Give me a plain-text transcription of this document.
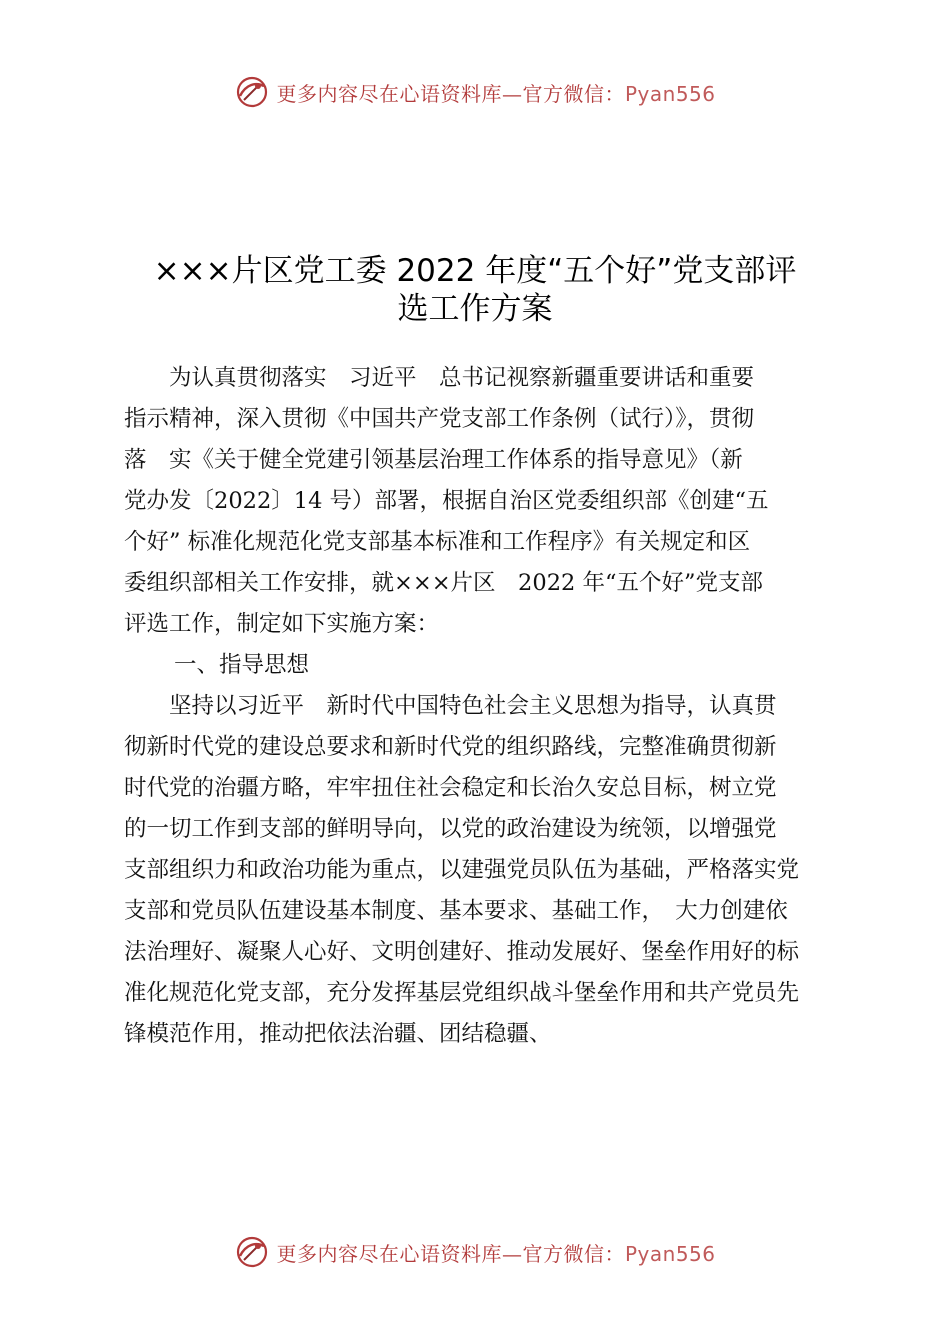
更多内容尽在心语资料库—官方微信：Pyan556
×××片区党工委 2022 年度“五个好”党支部评
选工作方案
　　为认真贯彻落实　习近平　总书记视察新疆重要讲话和重要
指示精神，深入贯彻《中国共产党支部工作条例（试行）》，贯彻
落　实《关于健全党建引领基层治理工作体系的指导意见》（新
党办发〔2022〕14 号）部署，根据自治区党委组织部《创建“五
个好” 标准化规范化党支部基本标准和工作程序》有关规定和区
委组织部相关工作安排，就×××片区　2022 年“五个好”党支部
评选工作，制定如下实施方案：
一、指导思想
　　坚持以习近平　新时代中国特色社会主义思想为指导，认真贯
彻新时代党的建设总要求和新时代党的组织路线，完整准确贯彻新
时代党的治疆方略，牢牢扭住社会稳定和长治久安总目标，树立党
的一切工作到支部的鲜明导向，以党的政治建设为统领，以增强党
支部组织力和政治功能为重点，以建强党员队伍为基础，严格落实党
支部和党员队伍建设基本制度、基本要求、基础工作，　大力创建依
法治理好、凝聚人心好、文明创建好、推动发展好、堡垒作用好的标
准化规范化党支部，充分发挥基层党组织战斗堡垒作用和共产党员先
锋模范作用，推动把依法治疆、团结稳疆、
更多内容尽在心语资料库—官方微信：Pyan556
